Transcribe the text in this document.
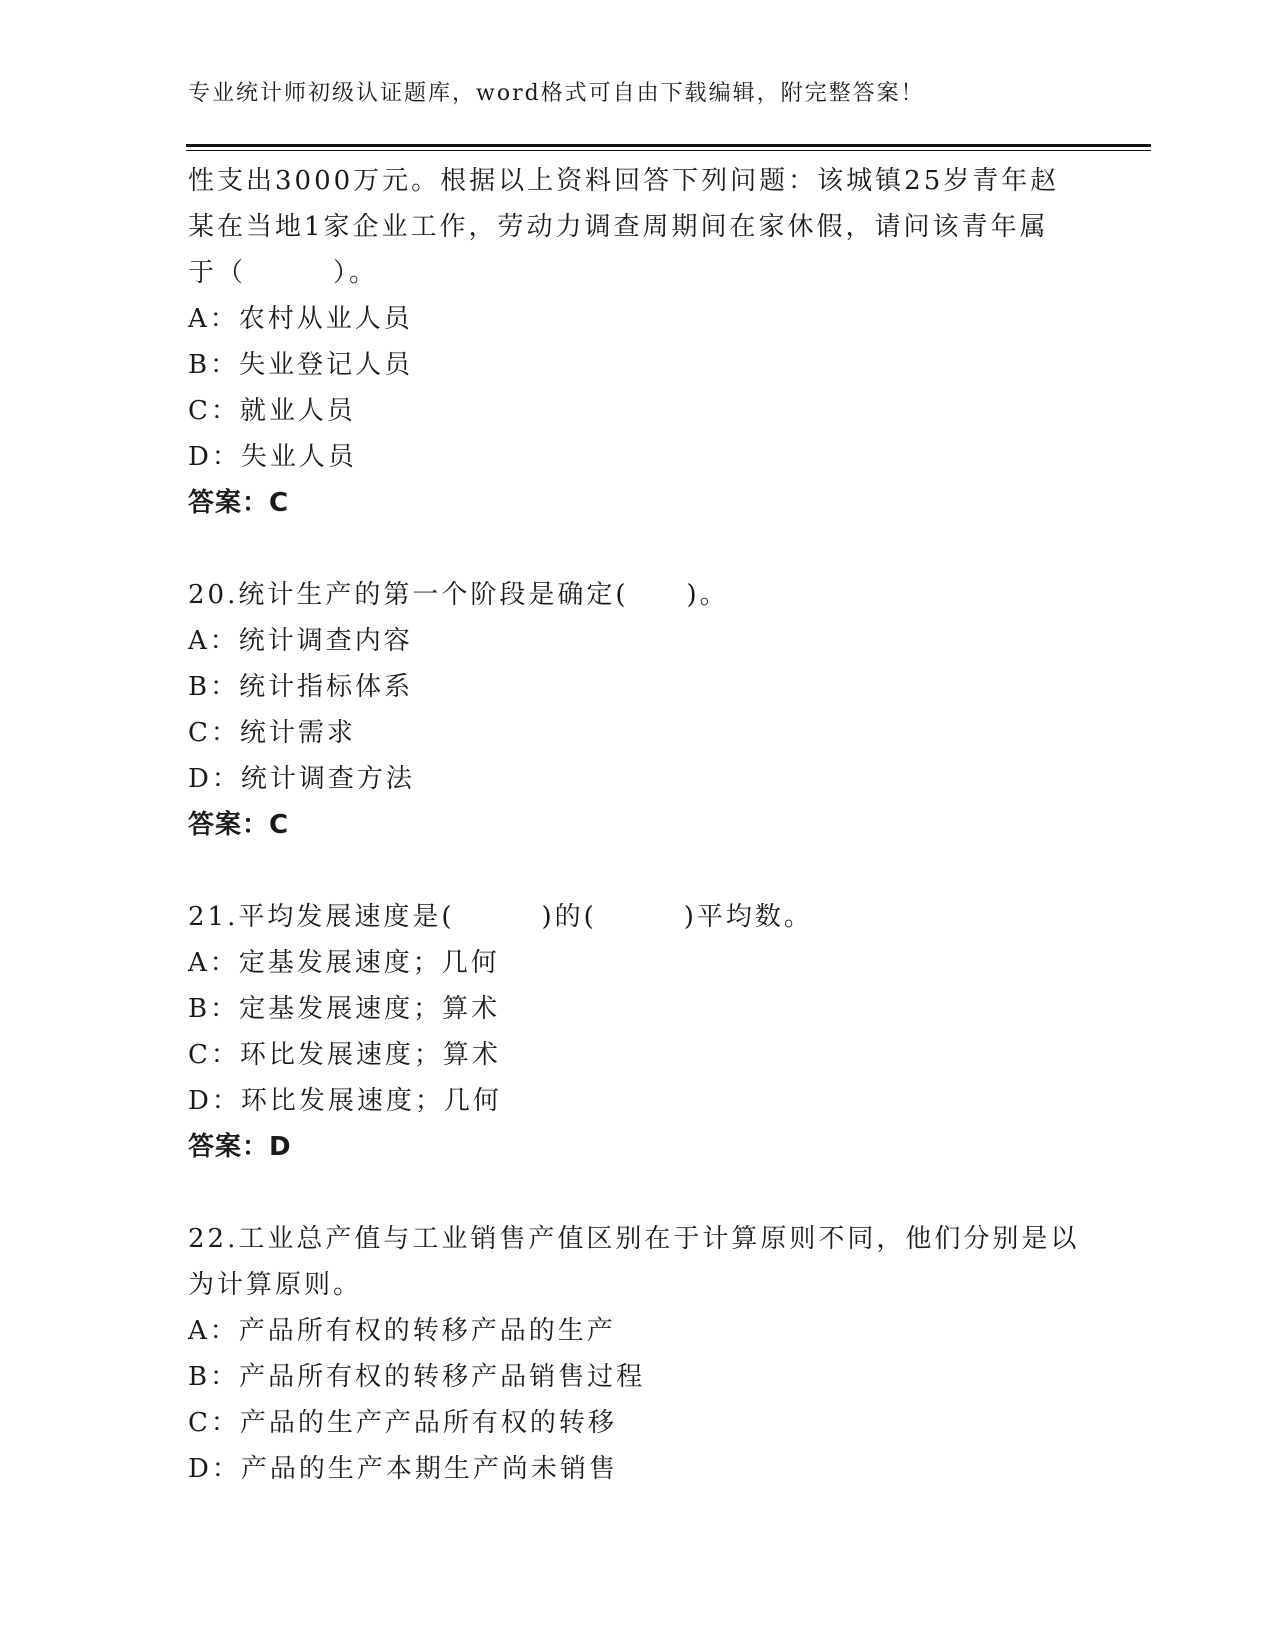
专业统计师初级认证题库，word格式可自由下载编辑，附完整答案！
性支出3000万元。根据以上资料回答下列问题：该城镇25岁青年赵
某在当地1家企业工作，劳动力调查周期间在家休假，请问该青年属
于（　　　）。
A：农村从业人员
B：失业登记人员
C：就业人员
D：失业人员
答案：C
20.统计生产的第一个阶段是确定(　　)。
A：统计调查内容
B：统计指标体系
C：统计需求
D：统计调查方法
答案：C
21.平均发展速度是(　　　)的(　　　)平均数。
A：定基发展速度；几何
B：定基发展速度；算术
C：环比发展速度；算术
D：环比发展速度；几何
答案：D
22.工业总产值与工业销售产值区别在于计算原则不同，他们分别是以
为计算原则。
A：产品所有权的转移产品的生产
B：产品所有权的转移产品销售过程
C：产品的生产产品所有权的转移
D：产品的生产本期生产尚未销售
